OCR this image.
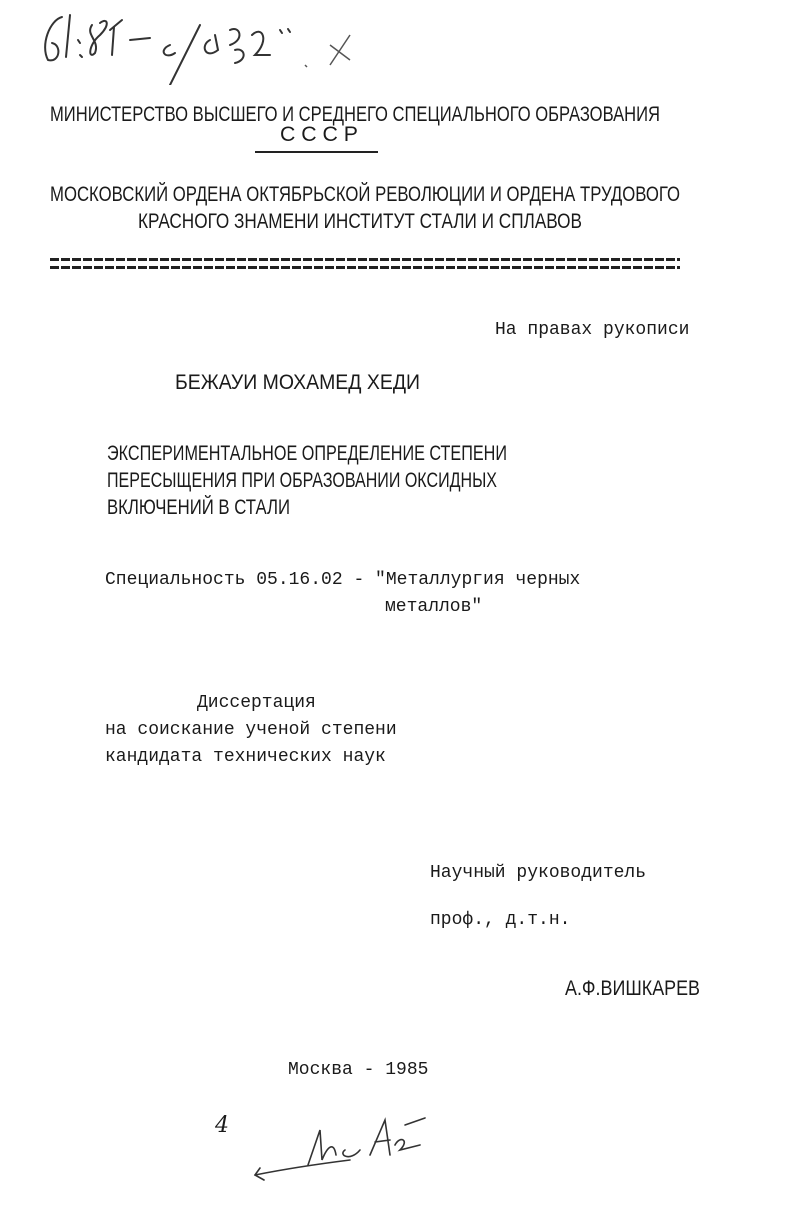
МИНИСТЕРСТВО ВЫСШЕГО И СРЕДНЕГО СПЕЦИАЛЬНОГО ОБРАЗОВАНИЯ
С С С Р
МОСКОВСКИЙ ОРДЕНА ОКТЯБРЬСКОЙ РЕВОЛЮЦИИ И ОРДЕНА ТРУДОВОГО
КРАСНОГО ЗНАМЕНИ ИНСТИТУТ СТАЛИ И СПЛАВОВ
На правах рукописи
БЕЖАУИ МОХАМЕД ХЕДИ
ЭКСПЕРИМЕНТАЛЬНОЕ ОПРЕДЕЛЕНИЕ СТЕПЕНИ
ПЕРЕСЫЩЕНИЯ ПРИ ОБРАЗОВАНИИ ОКСИДНЫХ
ВКЛЮЧЕНИЙ В СТАЛИ
Специальность 05.16.02 - "Металлургия черных
металлов"
Диссертация
на соискание ученой степени
кандидата технических наук
Научный руководитель
проф., д.т.н.
А.Ф.ВИШКАРЕВ
Москва - 1985
4
